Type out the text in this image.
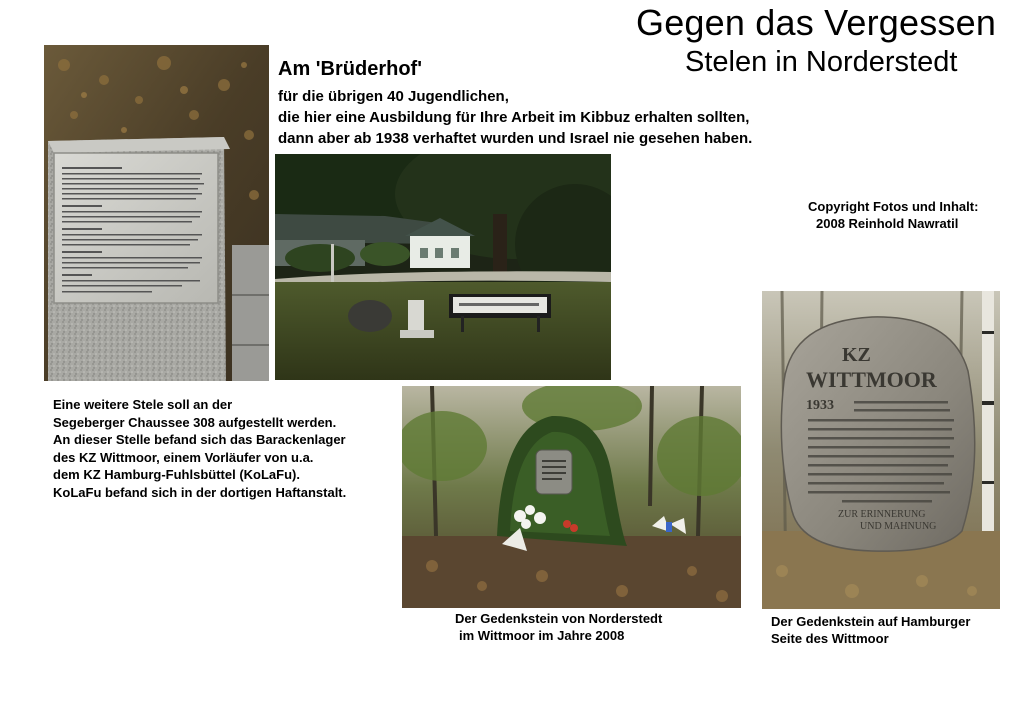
Gegen das Vergessen
Stelen in Norderstedt
Am 'Brüderhof'
für die übrigen 40 Jugendlichen,
die hier eine Ausbildung für Ihre Arbeit im Kibbuz erhalten sollten,
dann aber ab 1938 verhaftet wurden und Israel nie gesehen haben.
Copyright Fotos und Inhalt:
2008 Reinhold Nawratil
KZ
WITTMOOR
1933
ZUR ERINNERUNG
UND MAHNUNG
Eine weitere Stele soll an der
Segeberger Chaussee 308 aufgestellt werden.
An dieser Stelle befand sich das Barackenlager
des KZ Wittmoor, einem Vorläufer von u.a.
dem KZ Hamburg-Fuhlsbüttel (KoLaFu).
KoLaFu befand sich in der dortigen Haftanstalt.
Der Gedenkstein von Norderstedt
im Wittmoor im Jahre 2008
Der Gedenkstein auf Hamburger
Seite des Wittmoor
